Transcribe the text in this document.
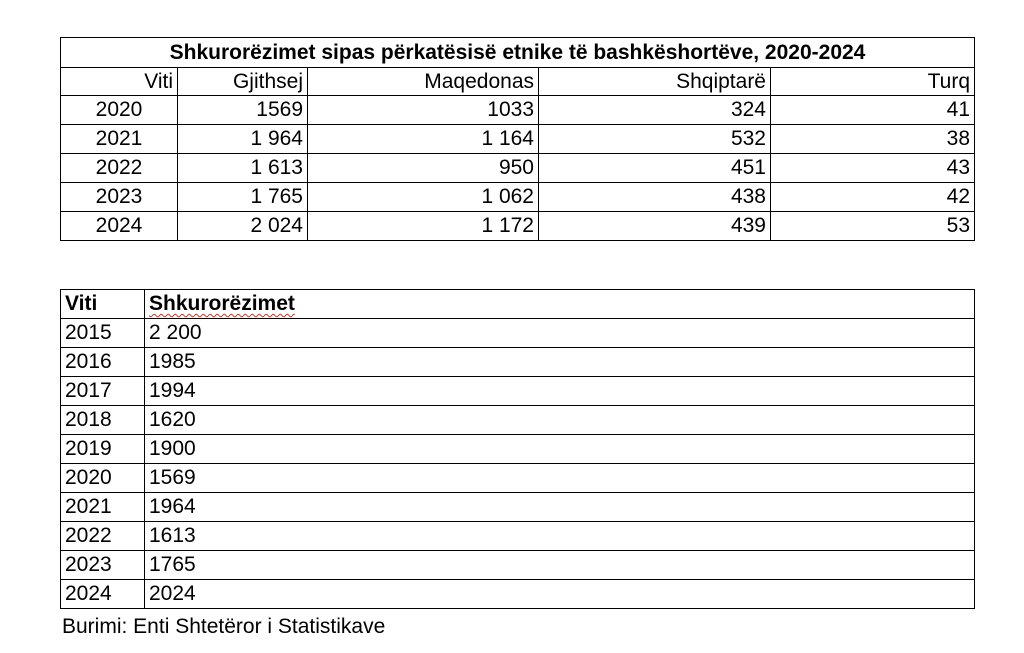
Shkurorëzimet sipas përkatësisë etnike të bashkëshortëve, 2020-2024				
Viti	Gjithsej	Maqedonas	Shqiptarë	Turq
2020	1569	1033	324	41
2021	1 964	1 164	532	38
2022	1 613	950	451	43
2023	1 765	1 062	438	42
2024	2 024	1 172	439	53
Viti	Shkurorëzimet
2015	2 200
2016	1985
2017	1994
2018	1620
2019	1900
2020	1569
2021	1964
2022	1613
2023	1765
2024	2024

Burimi: Enti Shtetëror i Statistikave
